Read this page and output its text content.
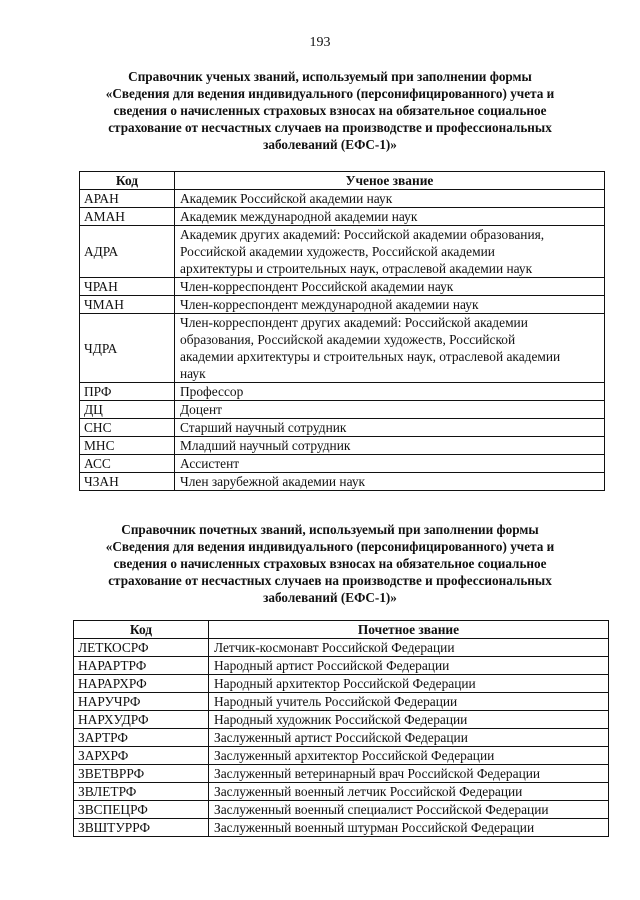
193
Справочник ученых званий, используемый при заполнении формы
«Сведения для ведения индивидуального (персонифицированного) учета и
сведения о начисленных страховых взносах на обязательное социальное
страхование от несчастных случаев на производстве и профессиональных
заболеваний (ЕФС-1)»
Код	Ученое звание
АРАН	Академик Российской академии наук

АМАН	Академик международной академии наук

АДРА	Академик других академий: Российской академии образования,
Российской академии художеств, Российской академии
архитектуры и строительных наук, отраслевой академии наук

ЧРАН	Член-корреспондент Российской академии наук

ЧМАН	Член-корреспондент международной академии наук

ЧДРА	Член-корреспондент других академий: Российской академии
образования, Российской академии художеств, Российской
академии архитектуры и строительных наук, отраслевой академии
наук

ПРФ	Профессор

ДЦ	Доцент

СНС	Старший научный сотрудник

МНС	Младший научный сотрудник

АСС	Ассистент

ЧЗАН	Член зарубежной академии наук
Справочник почетных званий, используемый при заполнении формы
«Сведения для ведения индивидуального (персонифицированного) учета и
сведения о начисленных страховых взносах на обязательное социальное
страхование от несчастных случаев на производстве и профессиональных
заболеваний (ЕФС-1)»
Код	Почетное звание
ЛЕТКОСРФ	Летчик-космонавт Российской Федерации
НАРАРТРФ	Народный артист Российской Федерации
НАРАРХРФ	Народный архитектор Российской Федерации
НАРУЧРФ	Народный учитель Российской Федерации
НАРХУДРФ	Народный художник Российской Федерации
ЗАРТРФ	Заслуженный артист Российской Федерации
ЗАРХРФ	Заслуженный архитектор Российской Федерации
ЗВЕТВРРФ	Заслуженный ветеринарный врач Российской Федерации
ЗВЛЕТРФ	Заслуженный военный летчик Российской Федерации
ЗВСПЕЦРФ	Заслуженный военный специалист Российской Федерации
ЗВШТУРРФ	Заслуженный военный штурман Российской Федерации
